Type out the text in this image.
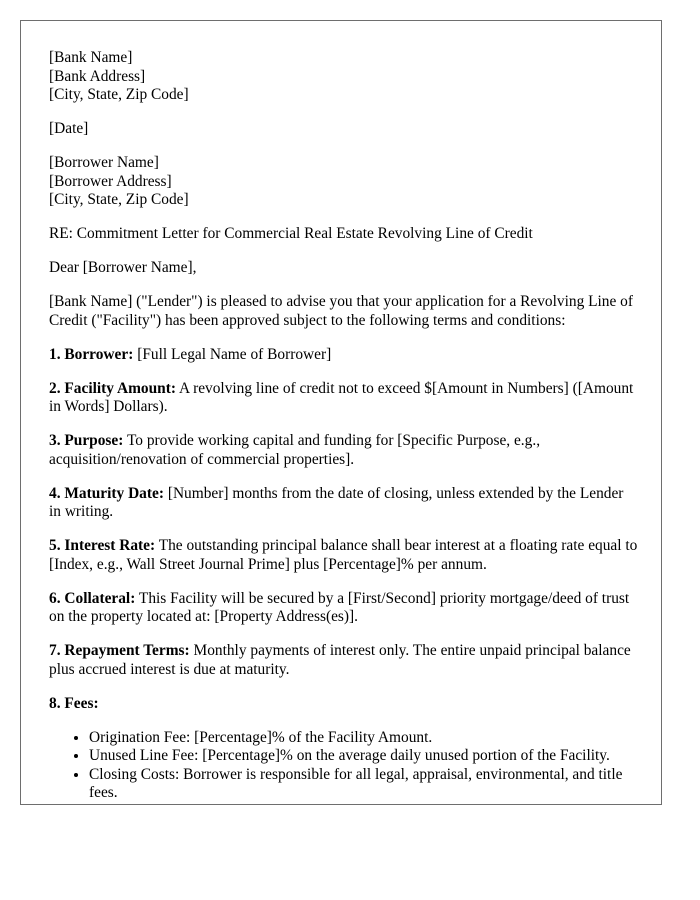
[Bank Name]
[Bank Address]
[City, State, Zip Code]
[Date]
[Borrower Name]
[Borrower Address]
[City, State, Zip Code]

RE: Commitment Letter for Commercial Real Estate Revolving Line of Credit

Dear [Borrower Name],

[Bank Name] ("Lender") is pleased to advise you that your application for a Revolving Line of Credit ("Facility") has been approved subject to the following terms and conditions:

1. Borrower: [Full Legal Name of Borrower]

2. Facility Amount: A revolving line of credit not to exceed $[Amount in Numbers] ([Amount in Words] Dollars).

3. Purpose: To provide working capital and funding for [Specific Purpose, e.g., acquisition/renovation of commercial properties].

4. Maturity Date: [Number] months from the date of closing, unless extended by the Lender in writing.

5. Interest Rate: The outstanding principal balance shall bear interest at a floating rate equal to [Index, e.g., Wall Street Journal Prime] plus [Percentage]% per annum.

6. Collateral: This Facility will be secured by a [First/Second] priority mortgage/deed of trust on the property located at: [Property Address(es)].

7. Repayment Terms: Monthly payments of interest only. The entire unpaid principal balance plus accrued interest is due at maturity.

8. Fees:

• Origination Fee: [Percentage]% of the Facility Amount.
• Unused Line Fee: [Percentage]% on the average daily unused portion of the Facility.
• Closing Costs: Borrower is responsible for all legal, appraisal, environmental, and title fees.
